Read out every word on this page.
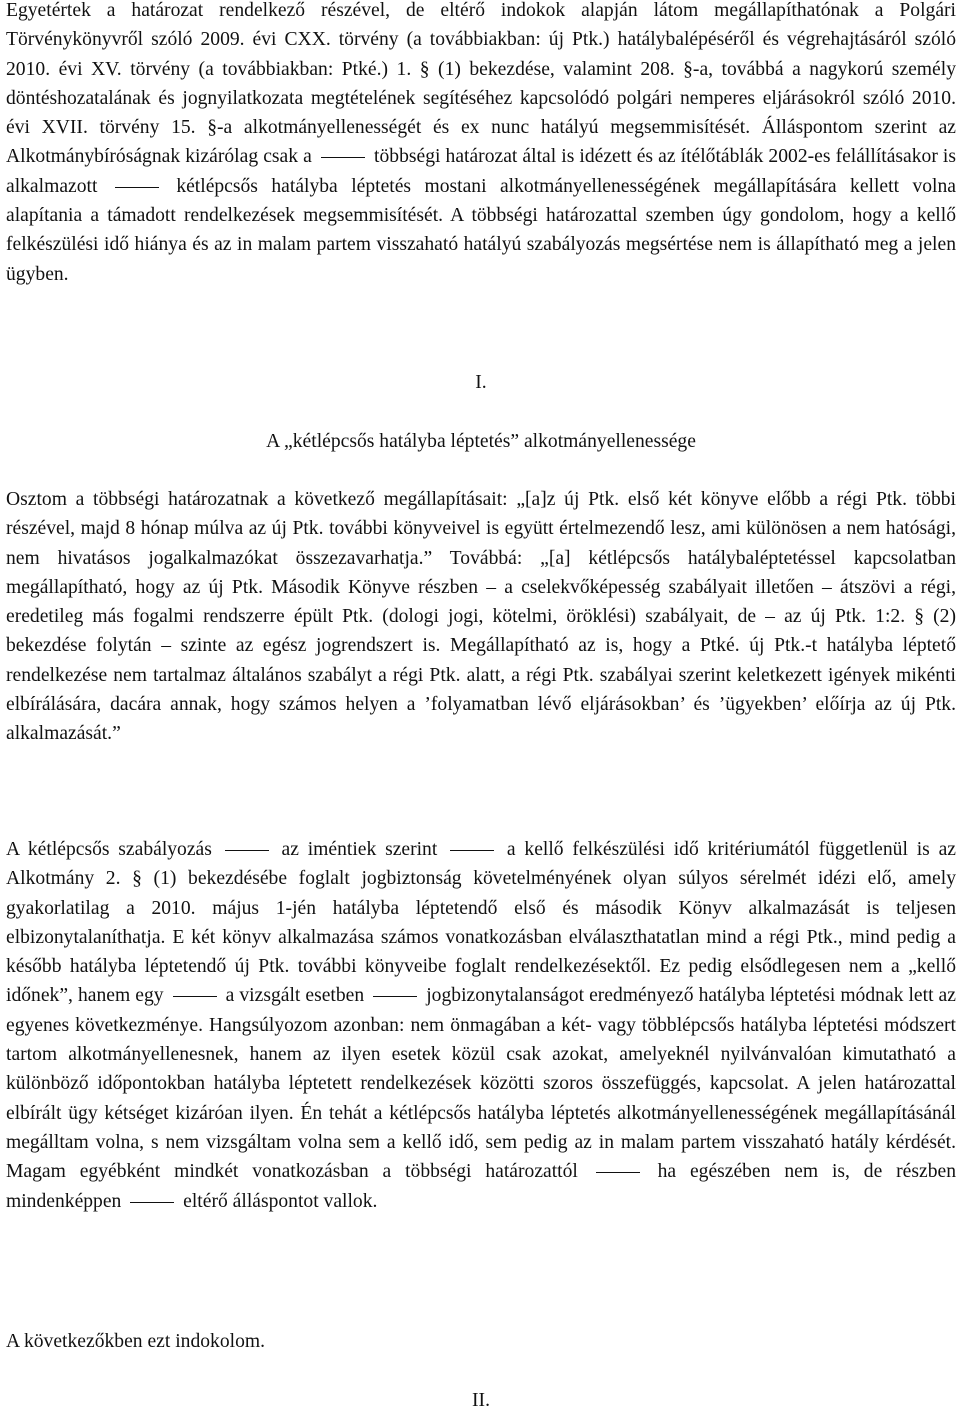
Egyetértek a határozat rendelkező részével, de eltérő indokok alapján látom megállapíthatónak a Polgári Törvénykönyvről szóló 2009. évi CXX. törvény (a továbbiakban: új Ptk.) hatálybalépéséről és végrehajtásáról szóló 2010. évi XV. törvény (a továbbiakban: Ptké.) 1. § (1) bekezdése, valamint 208. §-a, továbbá a nagykorú személy döntéshozatalának és jognyilatkozata megtételének segítéséhez kapcsolódó polgári nemperes eljárásokról szóló 2010. évi XVII. törvény 15. §-a alkotmányellenességét és ex nunc hatályú megsemmisítését. Álláspontom szerint az Alkotmánybíróságnak kizárólag csak a	többségi határozat által is idézett és az ítélőtáblák 2002-es felállításakor is alkalmazott	kétlépcsős hatályba léptetés mostani alkotmányellenességének megállapítására kellett volna alapítania a támadott rendelkezések megsemmisítését. A többségi határozattal szemben úgy gondolom, hogy a kellő felkészülési idő hiánya és az in malam partem visszaható hatályú szabályozás megsértése nem is állapítható meg a jelen ügyben.

I.

A „kétlépcsős hatályba léptetés” alkotmányellenessége

Osztom a többségi határozatnak a következő megállapításait: „[a]z új Ptk. első két könyve előbb a régi Ptk. többi részével, majd 8 hónap múlva az új Ptk. további könyveivel is együtt értelmezendő lesz, ami különösen a nem hatósági, nem hivatásos jogalkalmazókat összezavarhatja.” Továbbá: „[a] kétlépcsős hatálybaléptetéssel kapcsolatban megállapítható, hogy az új Ptk. Második Könyve részben – a cselekvőképesség szabályait illetően – átszövi a régi, eredetileg más fogalmi rendszerre épült Ptk. (dologi jogi, kötelmi, öröklési) szabályait, de – az új Ptk. 1:2. § (2) bekezdése folytán – szinte az egész jogrendszert is. Megállapítható az is, hogy a Ptké. új Ptk.-t hatályba léptető rendelkezése nem tartalmaz általános szabályt a régi Ptk. alatt, a régi Ptk. szabályai szerint keletkezett igények mikénti elbírálására, dacára annak, hogy számos helyen a ’folyamatban lévő eljárásokban’ és ’ügyekben’ előírja az új Ptk. alkalmazását.”

A kétlépcsős szabályozás	az iméntiek szerint	a kellő felkészülési idő kritériumától függetlenül is az Alkotmány 2. § (1) bekezdésébe foglalt jogbiztonság követelményének olyan súlyos sérelmét idézi elő, amely gyakorlatilag a 2010. május 1-jén hatályba léptetendő első és második Könyv alkalmazását is teljesen elbizonytalaníthatja. E két könyv alkalmazása számos vonatkozásban elválaszthatatlan mind a régi Ptk., mind pedig a később hatályba léptetendő új Ptk. további könyveibe foglalt rendelkezésektől. Ez pedig elsődlegesen nem a „kellő időnek”, hanem egy	a vizsgált esetben	jogbizonytalanságot eredményező hatályba léptetési módnak lett az egyenes következménye. Hangsúlyozom azonban: nem önmagában a két- vagy többlépcsős hatályba léptetési módszert tartom alkotmányellenesnek, hanem az ilyen esetek közül csak azokat, amelyeknél nyilvánvalóan kimutatható a különböző időpontokban hatályba léptetett rendelkezések közötti szoros összefüggés, kapcsolat. A jelen határozattal elbírált ügy kétséget kizáróan ilyen. Én tehát a kétlépcsős hatályba léptetés alkotmányellenességének megállapításánál megálltam volna, s nem vizsgáltam volna sem a kellő idő, sem pedig az in malam partem visszaható hatály kérdését. Magam egyébként mindkét vonatkozásban a többségi határozattól	ha egészében nem is, de részben mindenképpen	eltérő álláspontot vallok.

A következőkben ezt indokolom.

II.
